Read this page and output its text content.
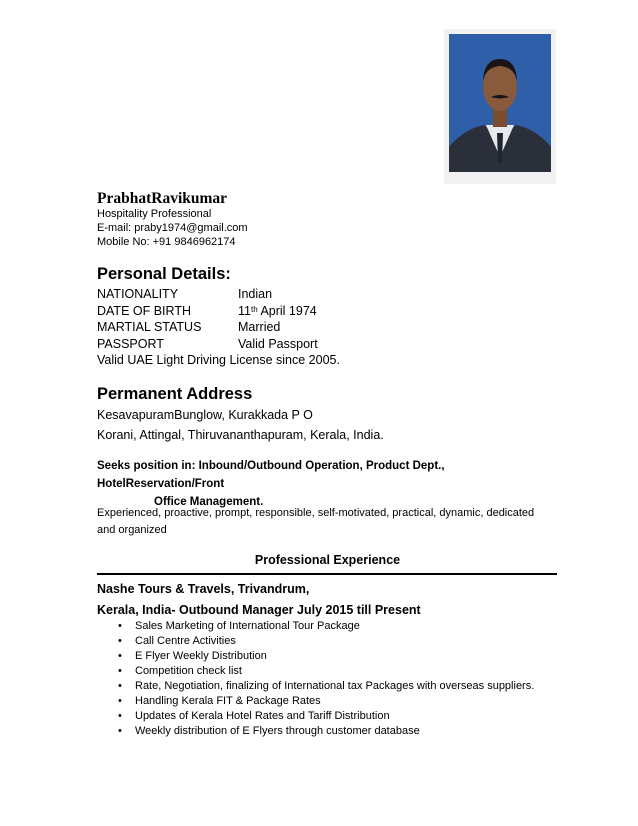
PrabhatRavikumar
Hospitality Professional
E-mail: praby1974@gmail.com
Mobile No: +91 9846962174
Personal Details:
NATIONALITY	Indian
DATE OF BIRTH	11th April 1974
MARTIAL STATUS	Married
PASSPORT	Valid Passport
Valid UAE Light Driving License since 2005.
Permanent Address
KesavapuramBunglow, Kurakkada P O
Korani, Attingal, Thiruvananthapuram, Kerala, India.
Seeks position in: Inbound/Outbound Operation, Product Dept., HotelReservation/Front
Office Management.
Experienced, proactive, prompt, responsible, self-motivated, practical, dynamic, dedicated
and organized
Professional Experience
Nashe Tours & Travels, Trivandrum,
Kerala, India- Outbound Manager July 2015 till Present
• Sales Marketing of International Tour Package
• Call Centre Activities
• E Flyer Weekly Distribution
• Competition check list
• Rate, Negotiation, finalizing of International tax Packages with overseas suppliers.
• Handling Kerala FIT & Package Rates
• Updates of Kerala Hotel Rates and Tariff Distribution
• Weekly distribution of E Flyers through customer database
